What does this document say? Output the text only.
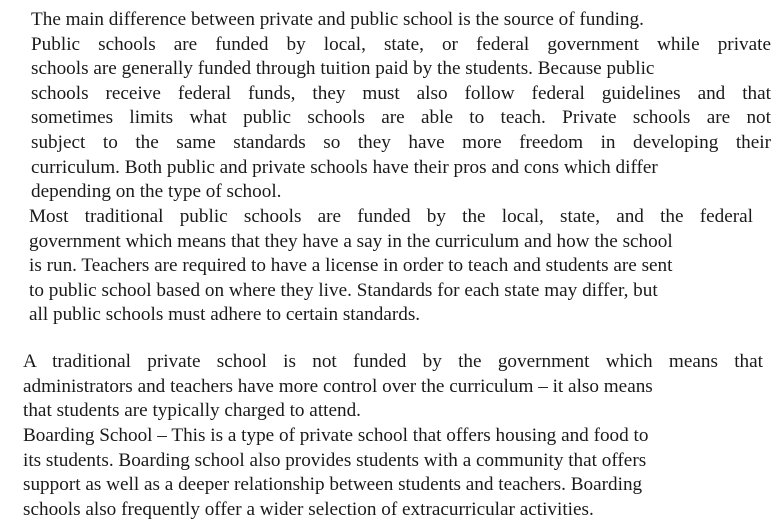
The main difference between private and public school is the source of funding.
Public schools are funded by local, state, or federal government while private
schools are generally funded through tuition paid by the students. Because public
schools receive federal funds, they must also follow federal guidelines and that
sometimes limits what public schools are able to teach. Private schools are not
subject to the same standards so they have more freedom in developing their
curriculum. Both public and private schools have their pros and cons which differ
depending on the type of school.
Most traditional public schools are funded by the local, state, and the federal
government which means that they have a say in the curriculum and how the school
is run. Teachers are required to have a license in order to teach and students are sent
to public school based on where they live. Standards for each state may differ, but
all public schools must adhere to certain standards.
A traditional private school is not funded by the government which means that
administrators and teachers have more control over the curriculum – it also means
that students are typically charged to attend.
Boarding School – This is a type of private school that offers housing and food to
its students. Boarding school also provides students with a community that offers
support as well as a deeper relationship between students and teachers. Boarding
schools also frequently offer a wider selection of extracurricular activities.
